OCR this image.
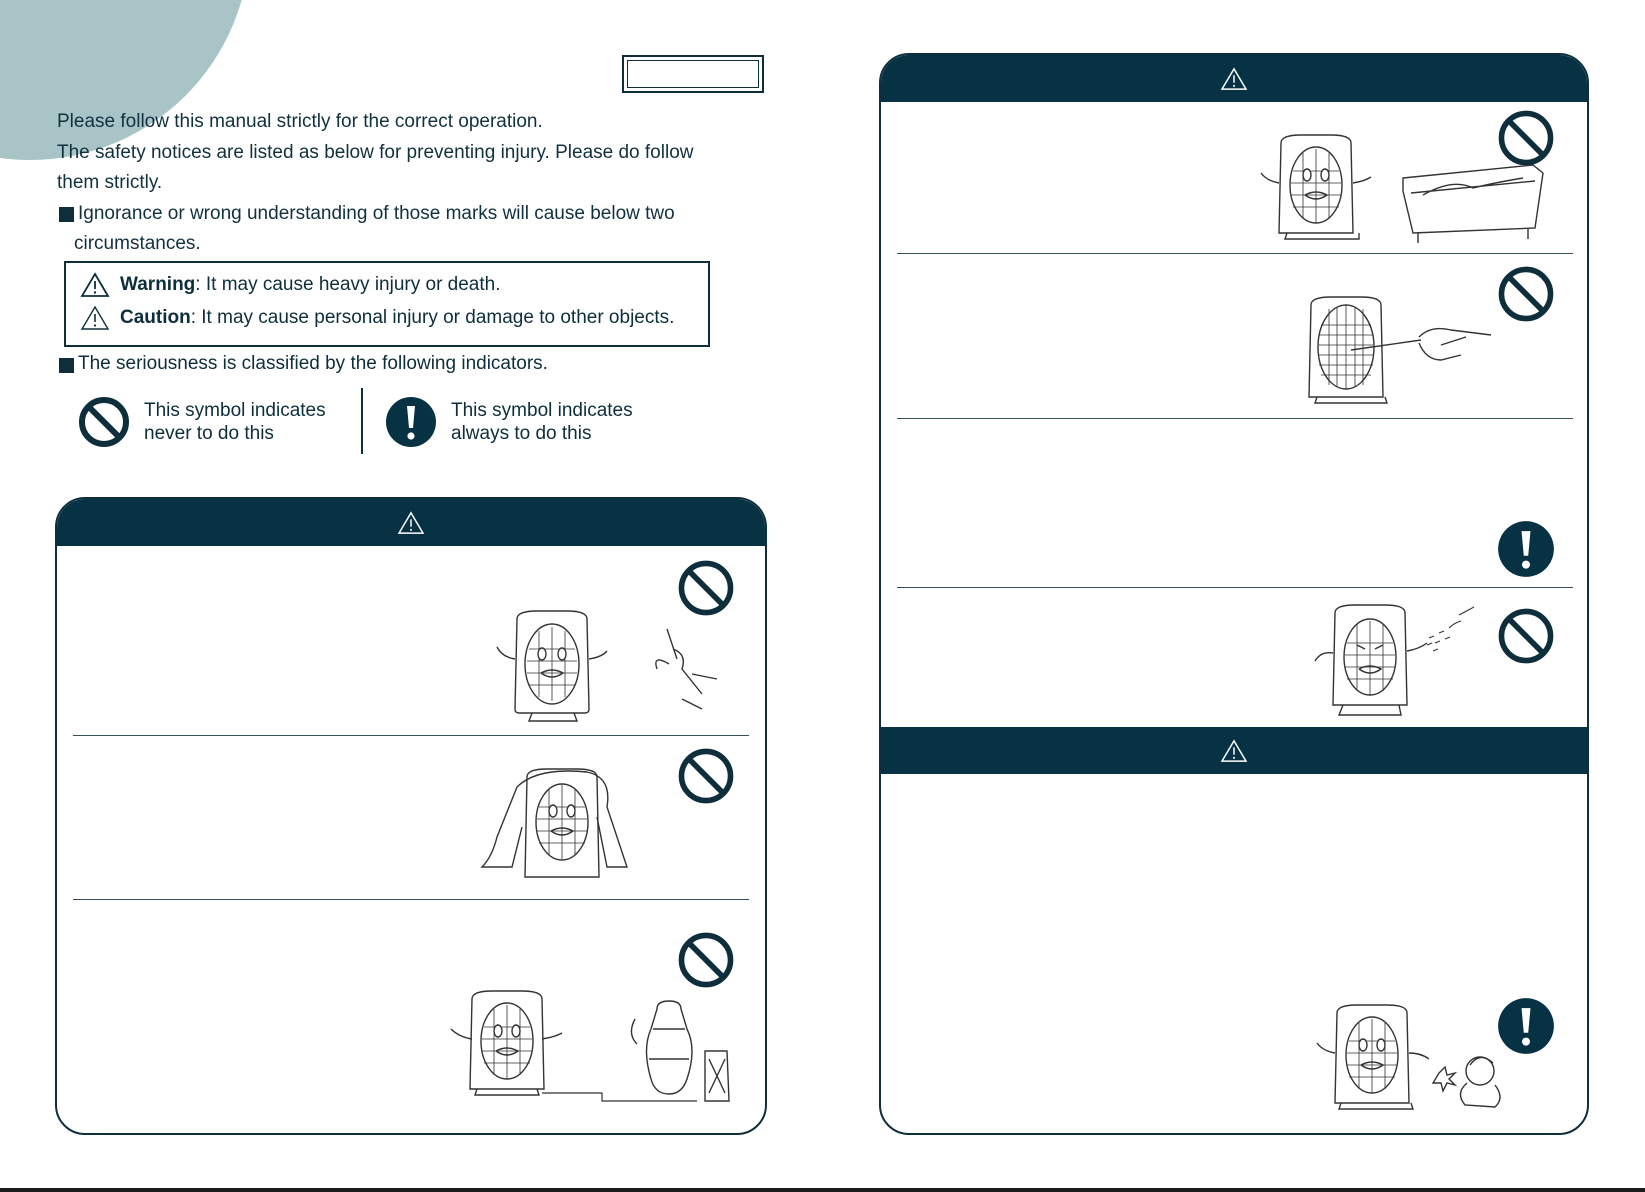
Please follow this manual strictly for the correct operation.

The safety notices are listed as below for preventing injury. Please do follow

them strictly.

Ignorance or wrong understanding of those marks will cause below two

circumstances.

Warning : It may cause heavy injury or death.
Caution : It may cause personal injury or damage to other objects.
The seriousness is classified by the following indicators.
This symbol indicates
never to do this
This symbol indicates
always to do this
